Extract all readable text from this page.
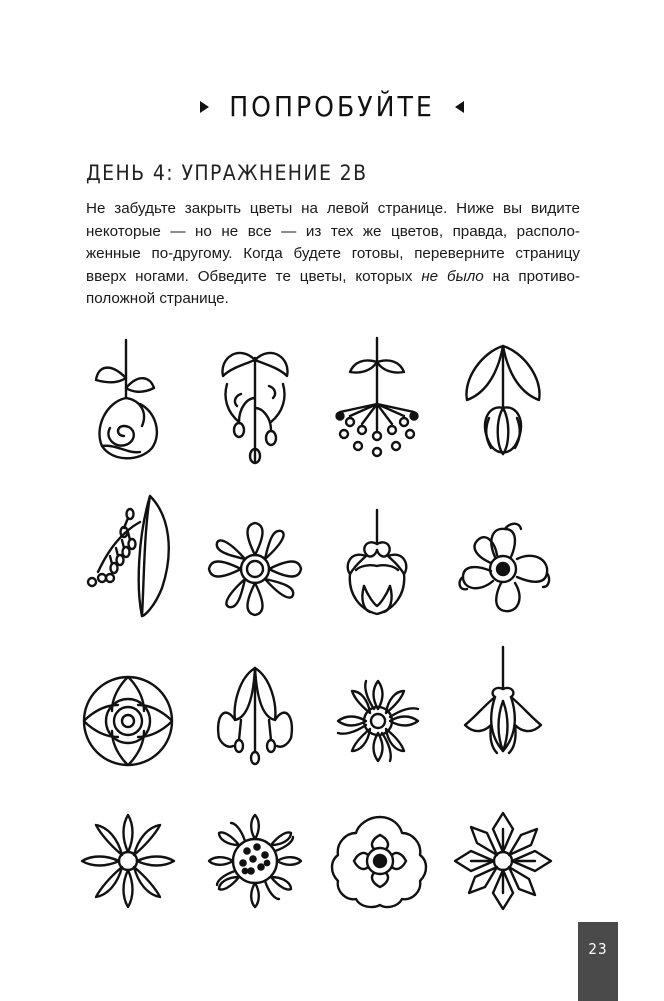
ПОПРОБУЙТЕ
ДЕНЬ 4: УПРАЖНЕНИЕ 2В
Не забудьте закрыть цветы на левой странице. Ниже вы видите
некоторые — но не все — из тех же цветов, правда, располо-
женные по-другому. Когда будете готовы, переверните страницу
вверх ногами. Обведите те цветы, которых не было на противо-
положной странице.
23
